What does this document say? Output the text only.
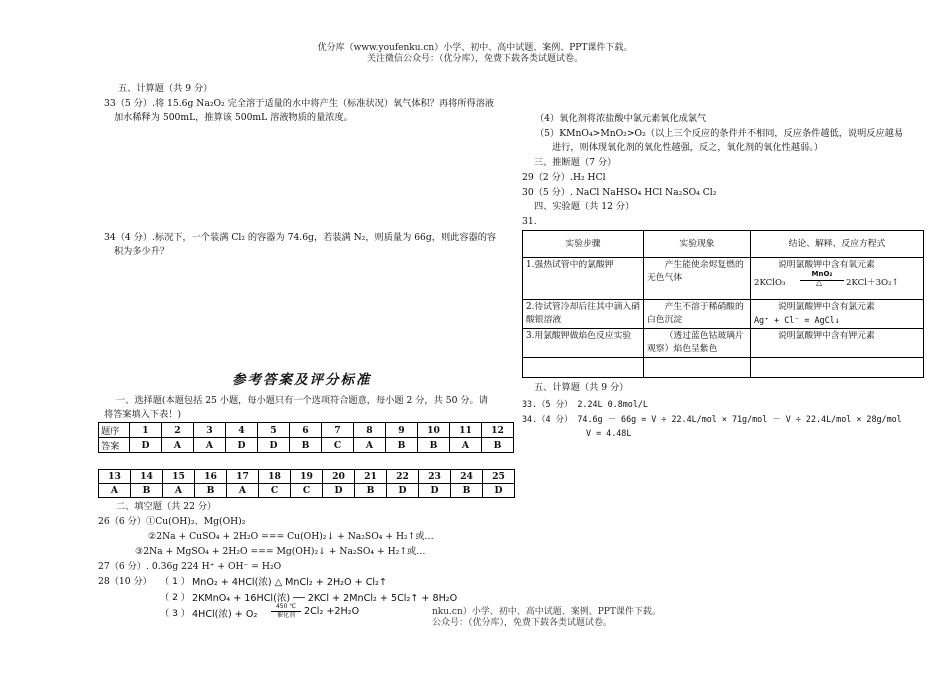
优分库（www.youfenku.cn）小学、初中、高中试题、案例、PPT课件下载。
关注微信公众号：（优分库），免费下载各类试题试卷。
五、计算题（共 9 分）
33（5 分）.将 15.6g Na₂O₂ 完全溶于适量的水中将产生（标准状况）氧气体积？再将所得溶液
加水稀释为 500mL，推算该 500mL 溶液物质的量浓度。
34（4 分）.标况下，一个装满 Cl₂ 的容器为 74.6g，若装满 N₂，则质量为 66g，则此容器的容
积为多少升？
参考答案及评分标准
一、选择题(本题包括 25 小题，每小题只有一个选项符合题意，每小题 2 分，共 50 分。请
将答案填入下表！)
题序	1	2	3	4	5	6	7	8	9	10	11	12
答案	D	A	A	D	D	B	C	A	B	B	A	B
13	14	15	16	17	18	19	20	21	22	23	24	25
A	B	A	B	A	C	C	D	B	D	D	B	D
二、填空题（共 22 分）
26（6 分）①Cu(OH)₂、Mg(OH)₂
②2Na + CuSO₄ + 2H₂O === Cu(OH)₂↓ + Na₂SO₄ + H₂↑或…
③2Na + MgSO₄ + 2H₂O === Mg(OH)₂↓ + Na₂SO₄ + H₂↑或…
27（6 分）. 0.36g 224 H⁺ + OH⁻ = H₂O
28（10 分） （ 1 ） MnO₂ + 4HCl(浓) △ MnCl₂ + 2H₂O + Cl₂↑
（ 2 ） 2KMnO₄ + 16HCl(浓) ── 2KCl + 2MnCl₂ + 5Cl₂↑ + 8H₂O
（ 3 ） 4HCl(浓) + O₂
450 ℃
催化剂 2Cl₂ +2H₂O	nku.cn）小学、初中、高中试题、案例、PPT课件下载。
公众号：（优分库），免费下载各类试题试卷。
（4）氧化剂将浓盐酸中氯元素氧化成氯气
（5）KMnO₄>MnO₂>O₂（以上三个反应的条件并不相同，反应条件越低，说明反应越易
进行，则体现氧化剂的氧化性越强，反之，氧化剂的氧化性越弱。）
三、推断题（7 分）
29（2 分）.H₂ HCl
30（5 分）. NaCl NaHSO₄ HCl Na₂SO₄ Cl₂
四、实验题（共 12 分）
31.
实验步骤	实验现象	结论、解释、反应方程式
1.强热试管中的氯酸钾	产生能使余烬复燃的无色气体	说明氯酸钾中含有氧元素
2KClO₃
MnO₂
△ 2KCl＋3O₂↑

2.待试管冷却后往其中滴入硝酸银溶液	产生不溶于稀硝酸的白色沉淀	说明氯酸钾中含有氯元素
Ag⁺ + Cl⁻ = AgCl↓

3.用氯酸钾做焰色反应实验	（透过蓝色钴玻璃片观察）焰色呈紫色	说明氯酸钾中含有钾元素

五、计算题（共 9 分）
33.（5 分） 2.24L 0.8mol/L
34.（4 分） 74.6g － 66g = V ÷ 22.4L/mol × 71g/mol － V ÷ 22.4L/mol × 28g/mol
V = 4.48L
